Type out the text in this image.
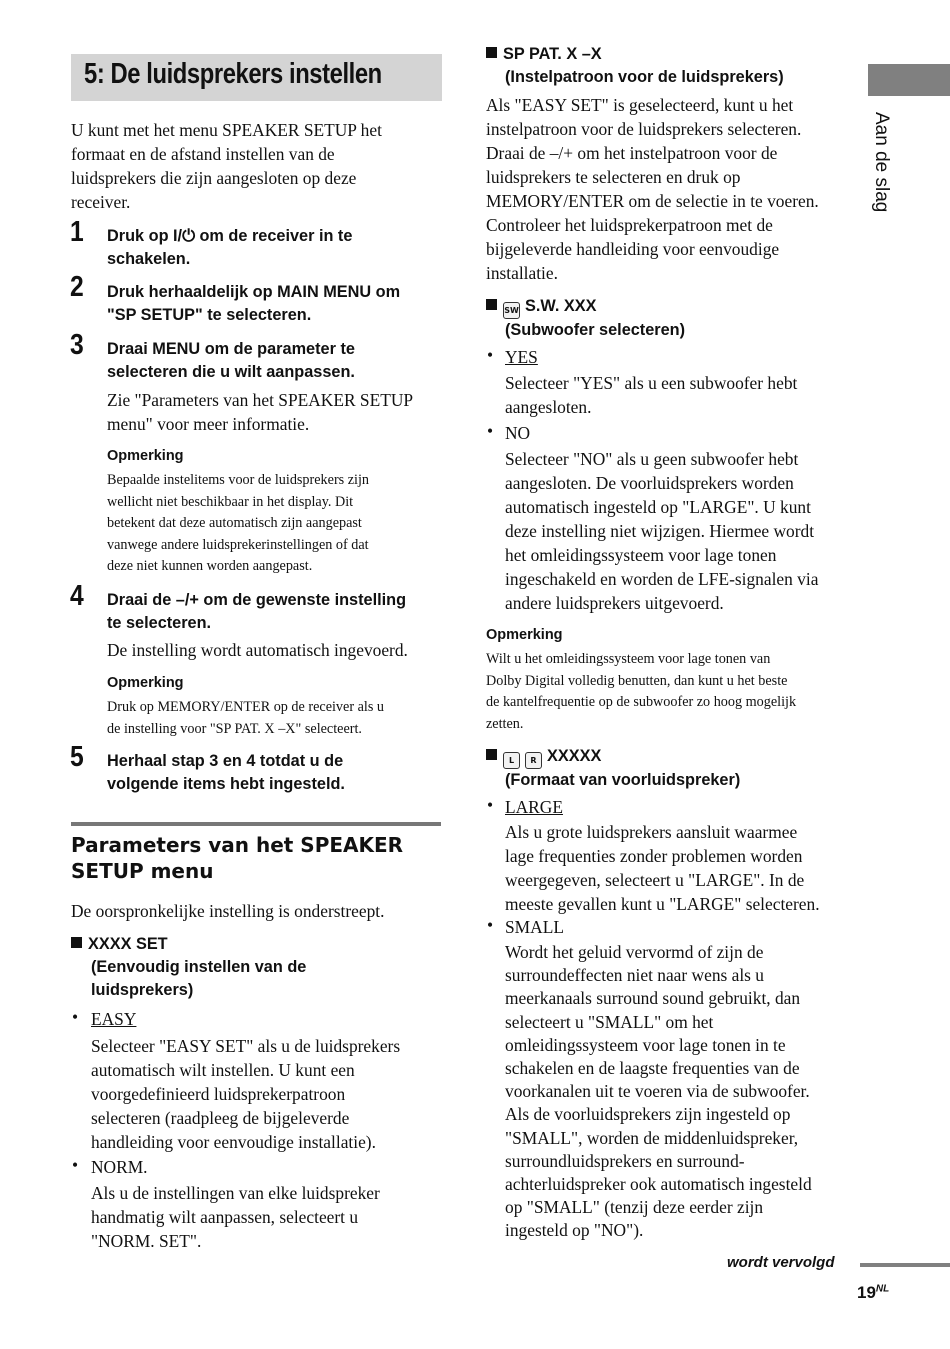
5: De luidsprekers instellen
Aan de slag
U kunt met het menu SPEAKER SETUP het
formaat en de afstand instellen van de
luidsprekers die zijn aangesloten op deze
receiver.
1 Druk op I/⏻ om de receiver in te
schakelen.
2 Druk herhaaldelijk op MAIN MENU om
"SP SETUP" te selecteren.
3 Draai MENU om de parameter te
selecteren die u wilt aanpassen.
Zie "Parameters van het SPEAKER SETUP
menu" voor meer informatie.
Opmerking
Bepaalde instelitems voor de luidsprekers zijn
wellicht niet beschikbaar in het display. Dit
betekent dat deze automatisch zijn aangepast
vanwege andere luidsprekerinstellingen of dat
deze niet kunnen worden aangepast.
4 Draai de –/+ om de gewenste instelling
te selecteren.
De instelling wordt automatisch ingevoerd.
Opmerking
Druk op MEMORY/ENTER op de receiver als u
de instelling voor "SP PAT. X –X" selecteert.
5 Herhaal stap 3 en 4 totdat u de
volgende items hebt ingesteld.
Parameters van het SPEAKER
SETUP menu
De oorspronkelijke instelling is onderstreept.
XXXX SET
(Eenvoudig instellen van de
luidsprekers)
• EASY
Selecteer "EASY SET" als u de luidsprekers
automatisch wilt instellen. U kunt een
voorgedefinieerd luidsprekerpatroon
selecteren (raadpleeg de bijgeleverde
handleiding voor eenvoudige installatie).
• NORM.
Als u de instellingen van elke luidspreker
handmatig wilt aanpassen, selecteert u
"NORM. SET".
SP PAT. X –X
(Instelpatroon voor de luidsprekers)
Als "EASY SET" is geselecteerd, kunt u het
instelpatroon voor de luidsprekers selecteren.
Draai de –/+ om het instelpatroon voor de
luidsprekers te selecteren en druk op
MEMORY/ENTER om de selectie in te voeren.
Controleer het luidsprekerpatroon met de
bijgeleverde handleiding voor eenvoudige
installatie.
SW S.W. XXX
(Subwoofer selecteren)
• YES
Selecteer "YES" als u een subwoofer hebt
aangesloten.
• NO
Selecteer "NO" als u geen subwoofer hebt
aangesloten. De voorluidsprekers worden
automatisch ingesteld op "LARGE". U kunt
deze instelling niet wijzigen. Hiermee wordt
het omleidingssysteem voor lage tonen
ingeschakeld en worden de LFE-signalen via
andere luidsprekers uitgevoerd.
Opmerking
Wilt u het omleidingssysteem voor lage tonen van
Dolby Digital volledig benutten, dan kunt u het beste
de kantelfrequentie op de subwoofer zo hoog mogelijk
zetten.
L R XXXXX
(Formaat van voorluidspreker)
• LARGE
Als u grote luidsprekers aansluit waarmee
lage frequenties zonder problemen worden
weergegeven, selecteert u "LARGE". In de
meeste gevallen kunt u "LARGE" selecteren.
• SMALL
Wordt het geluid vervormd of zijn de
surroundeffecten niet naar wens als u
meerkanaals surround sound gebruikt, dan
selecteert u "SMALL" om het
omleidingssysteem voor lage tonen in te
schakelen en de laagste frequenties van de
voorkanalen uit te voeren via de subwoofer.
Als de voorluidsprekers zijn ingesteld op
"SMALL", worden de middenluidspreker,
surroundluidsprekers en surround-
achterluidspreker ook automatisch ingesteld
op "SMALL" (tenzij deze eerder zijn
ingesteld op "NO").
wordt vervolgd
$19^{NL}$
